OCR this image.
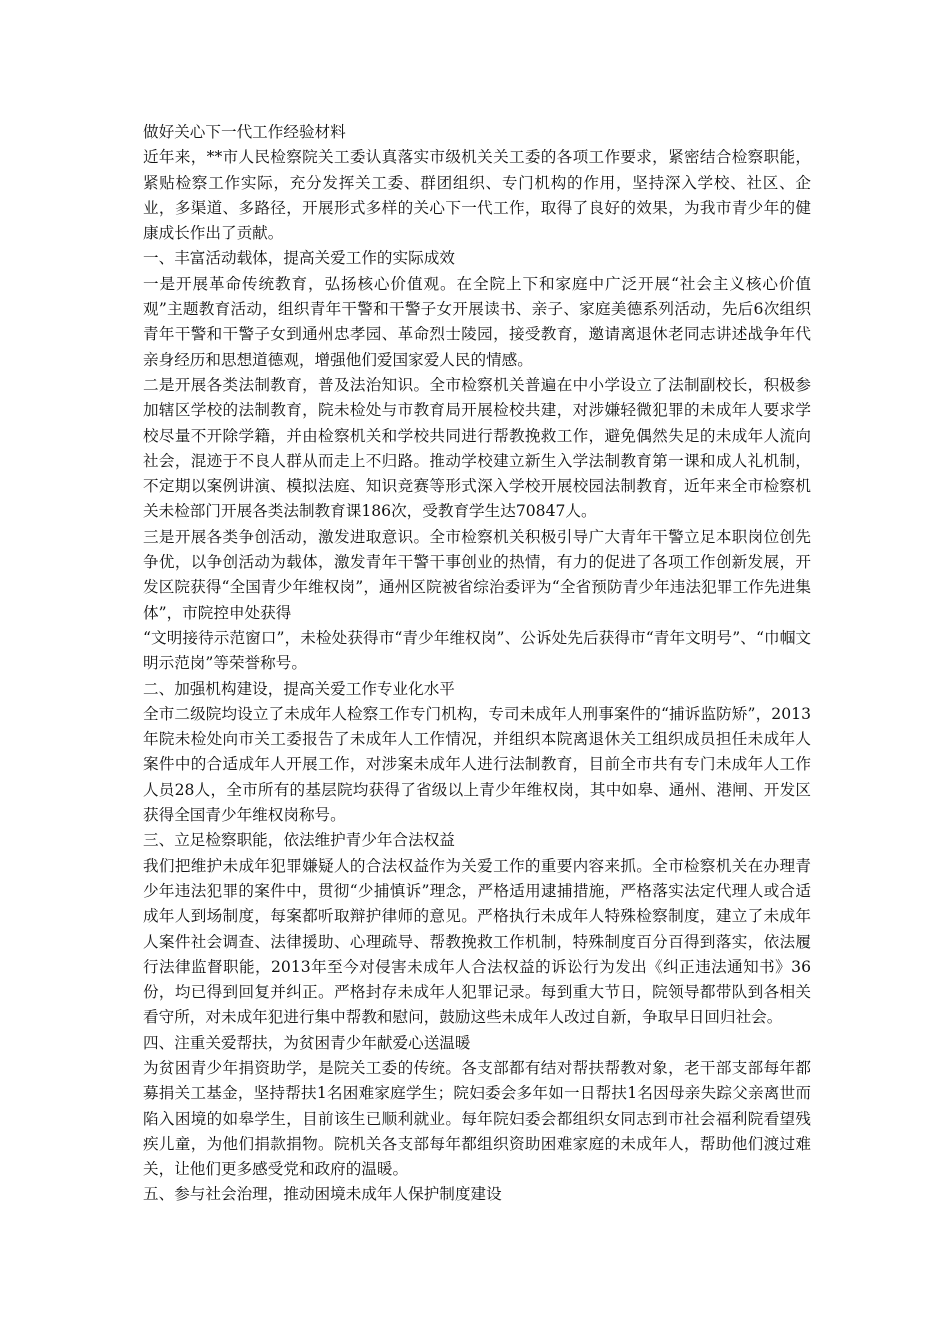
做好关心下一代工作经验材料

近年来，**市人民检察院关工委认真落实市级机关关工委的各项工作要求，紧密结合检察职能，紧贴检察工作实际，充分发挥关工委、群团组织、专门机构的作用，坚持深入学校、社区、企业，多渠道、多路径，开展形式多样的关心下一代工作，取得了良好的效果，为我市青少年的健康成长作出了贡献。

一、丰富活动载体，提高关爱工作的实际成效

一是开展革命传统教育，弘扬核心价值观。在全院上下和家庭中广泛开展“社会主义核心价值观”主题教育活动，组织青年干警和干警子女开展读书、亲子、家庭美德系列活动，先后6次组织青年干警和干警子女到通州忠孝园、革命烈士陵园，接受教育，邀请离退休老同志讲述战争年代亲身经历和思想道德观，增强他们爱国家爱人民的情感。

二是开展各类法制教育，普及法治知识。全市检察机关普遍在中小学设立了法制副校长，积极参加辖区学校的法制教育，院未检处与市教育局开展检校共建，对涉嫌轻微犯罪的未成年人要求学校尽量不开除学籍，并由检察机关和学校共同进行帮教挽救工作，避免偶然失足的未成年人流向社会，混迹于不良人群从而走上不归路。推动学校建立新生入学法制教育第一课和成人礼机制，不定期以案例讲演、模拟法庭、知识竞赛等形式深入学校开展校园法制教育，近年来全市检察机关未检部门开展各类法制教育课186次，受教育学生达70847人。

三是开展各类争创活动，激发进取意识。全市检察机关积极引导广大青年干警立足本职岗位创先争优，以争创活动为载体，激发青年干警干事创业的热情，有力的促进了各项工作创新发展，开发区院获得“全国青少年维权岗”，通州区院被省综治委评为“全省预防青少年违法犯罪工作先进集体”，市院控申处获得

“文明接待示范窗口”，未检处获得市“青少年维权岗”、公诉处先后获得市“青年文明号”、“巾帼文明示范岗”等荣誉称号。

二、加强机构建设，提高关爱工作专业化水平

全市二级院均设立了未成年人检察工作专门机构，专司未成年人刑事案件的“捕诉监防矫”，2013年院未检处向市关工委报告了未成年人工作情况，并组织本院离退休关工组织成员担任未成年人案件中的合适成年人开展工作，对涉案未成年人进行法制教育，目前全市共有专门未成年人工作人员28人，全市所有的基层院均获得了省级以上青少年维权岗，其中如皋、通州、港闸、开发区获得全国青少年维权岗称号。

三、立足检察职能，依法维护青少年合法权益

我们把维护未成年犯罪嫌疑人的合法权益作为关爱工作的重要内容来抓。全市检察机关在办理青少年违法犯罪的案件中，贯彻“少捕慎诉”理念，严格适用逮捕措施，严格落实法定代理人或合适成年人到场制度，每案都听取辩护律师的意见。严格执行未成年人特殊检察制度，建立了未成年人案件社会调查、法律援助、心理疏导、帮教挽救工作机制，特殊制度百分百得到落实，依法履行法律监督职能，2013年至今对侵害未成年人合法权益的诉讼行为发出《纠正违法通知书》36份，均已得到回复并纠正。严格封存未成年人犯罪记录。每到重大节日，院领导都带队到各相关看守所，对未成年犯进行集中帮教和慰问，鼓励这些未成年人改过自新，争取早日回归社会。

四、注重关爱帮扶，为贫困青少年献爱心送温暖

为贫困青少年捐资助学，是院关工委的传统。各支部都有结对帮扶帮教对象，老干部支部每年都募捐关工基金，坚持帮扶1名困难家庭学生；院妇委会多年如一日帮扶1名因母亲失踪父亲离世而陷入困境的如皋学生，目前该生已顺利就业。每年院妇委会都组织女同志到市社会福利院看望残疾儿童，为他们捐款捐物。院机关各支部每年都组织资助困难家庭的未成年人，帮助他们渡过难关，让他们更多感受党和政府的温暖。

五、参与社会治理，推动困境未成年人保护制度建设
